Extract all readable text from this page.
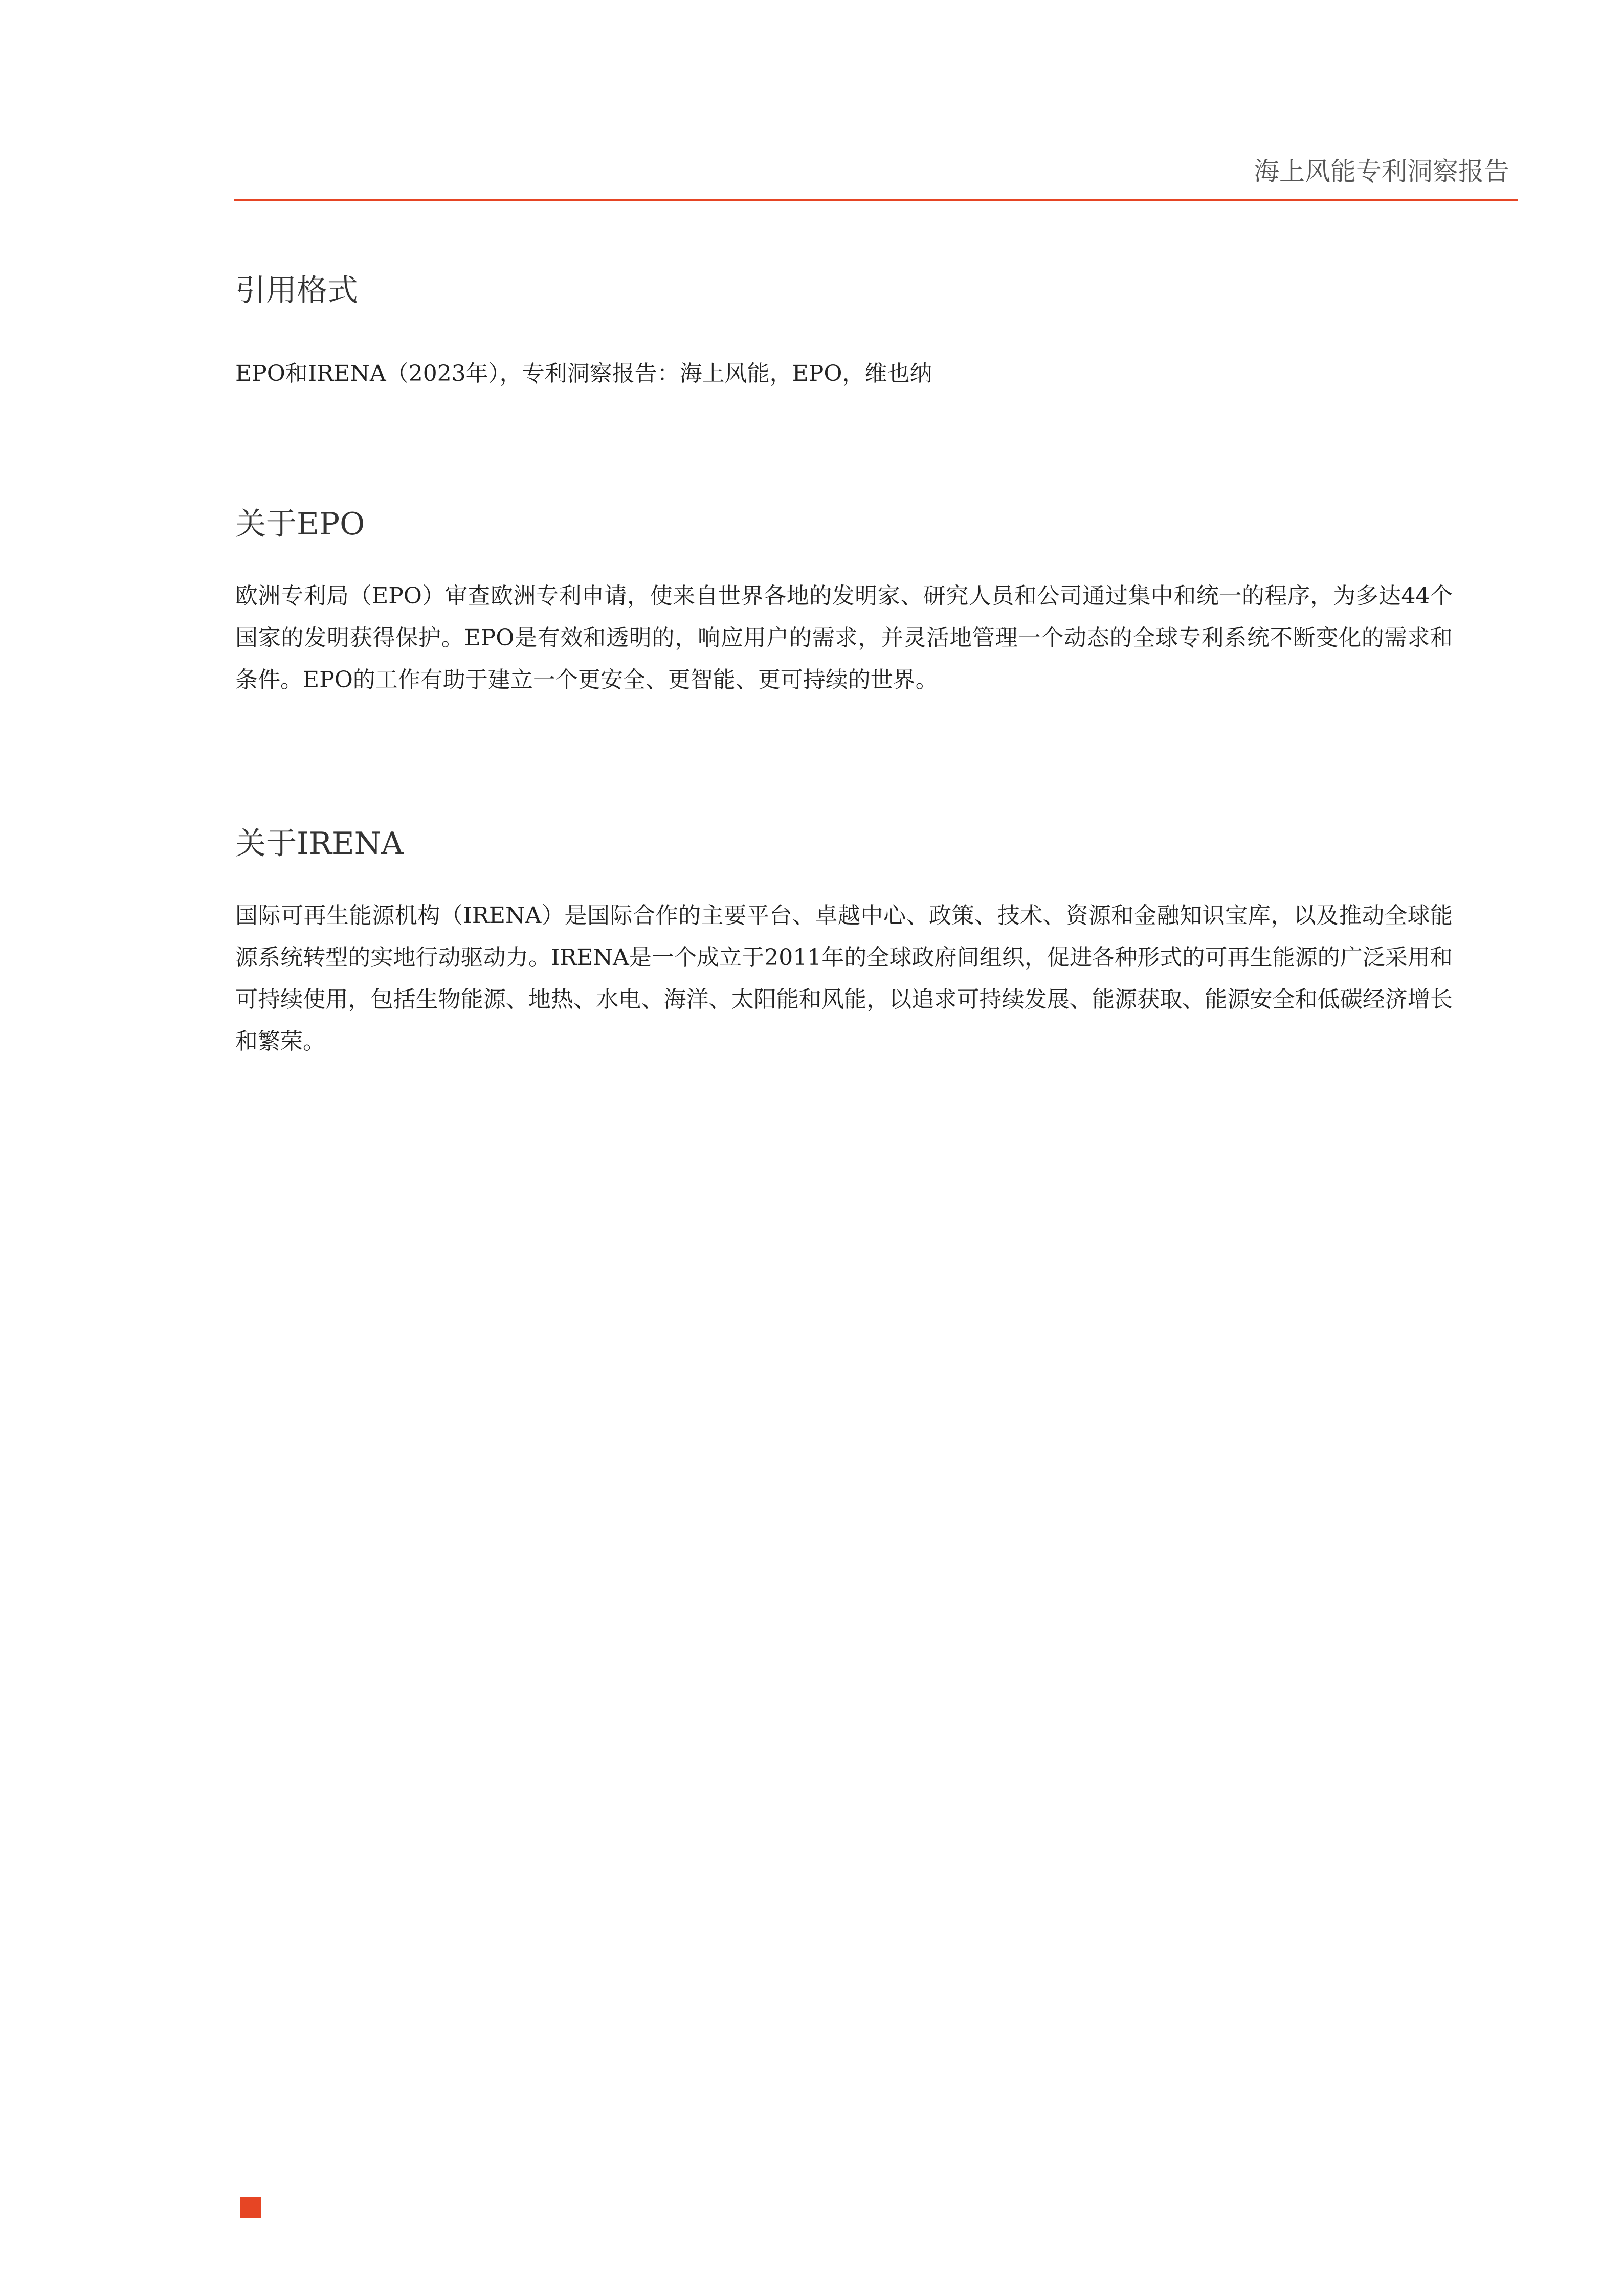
海上风能专利洞察报告
引用格式

EPO和IRENA（2023年），专利洞察报告：海上风能，EPO，维也纳

关于EPO

欧洲专利局（EPO）审查欧洲专利申请，使来自世界各地的发明家、研究人员和公司通过集中和统一的程序，为多达44个国家的发明获得保护。EPO是有效和透明的，响应用户的需求，并灵活地管理一个动态的全球专利系统不断变化的需求和条件。EPO的工作有助于建立一个更安全、更智能、更可持续的世界。

关于IRENA

国际可再生能源机构（IRENA）是国际合作的主要平台、卓越中心、政策、技术、资源和金融知识宝库，以及推动全球能源系统转型的实地行动驱动力。IRENA是一个成立于2011年的全球政府间组织，促进各种形式的可再生能源的广泛采用和可持续使用，包括生物能源、地热、水电、海洋、太阳能和风能，以追求可持续发展、能源获取、能源安全和低碳经济增长和繁荣。
